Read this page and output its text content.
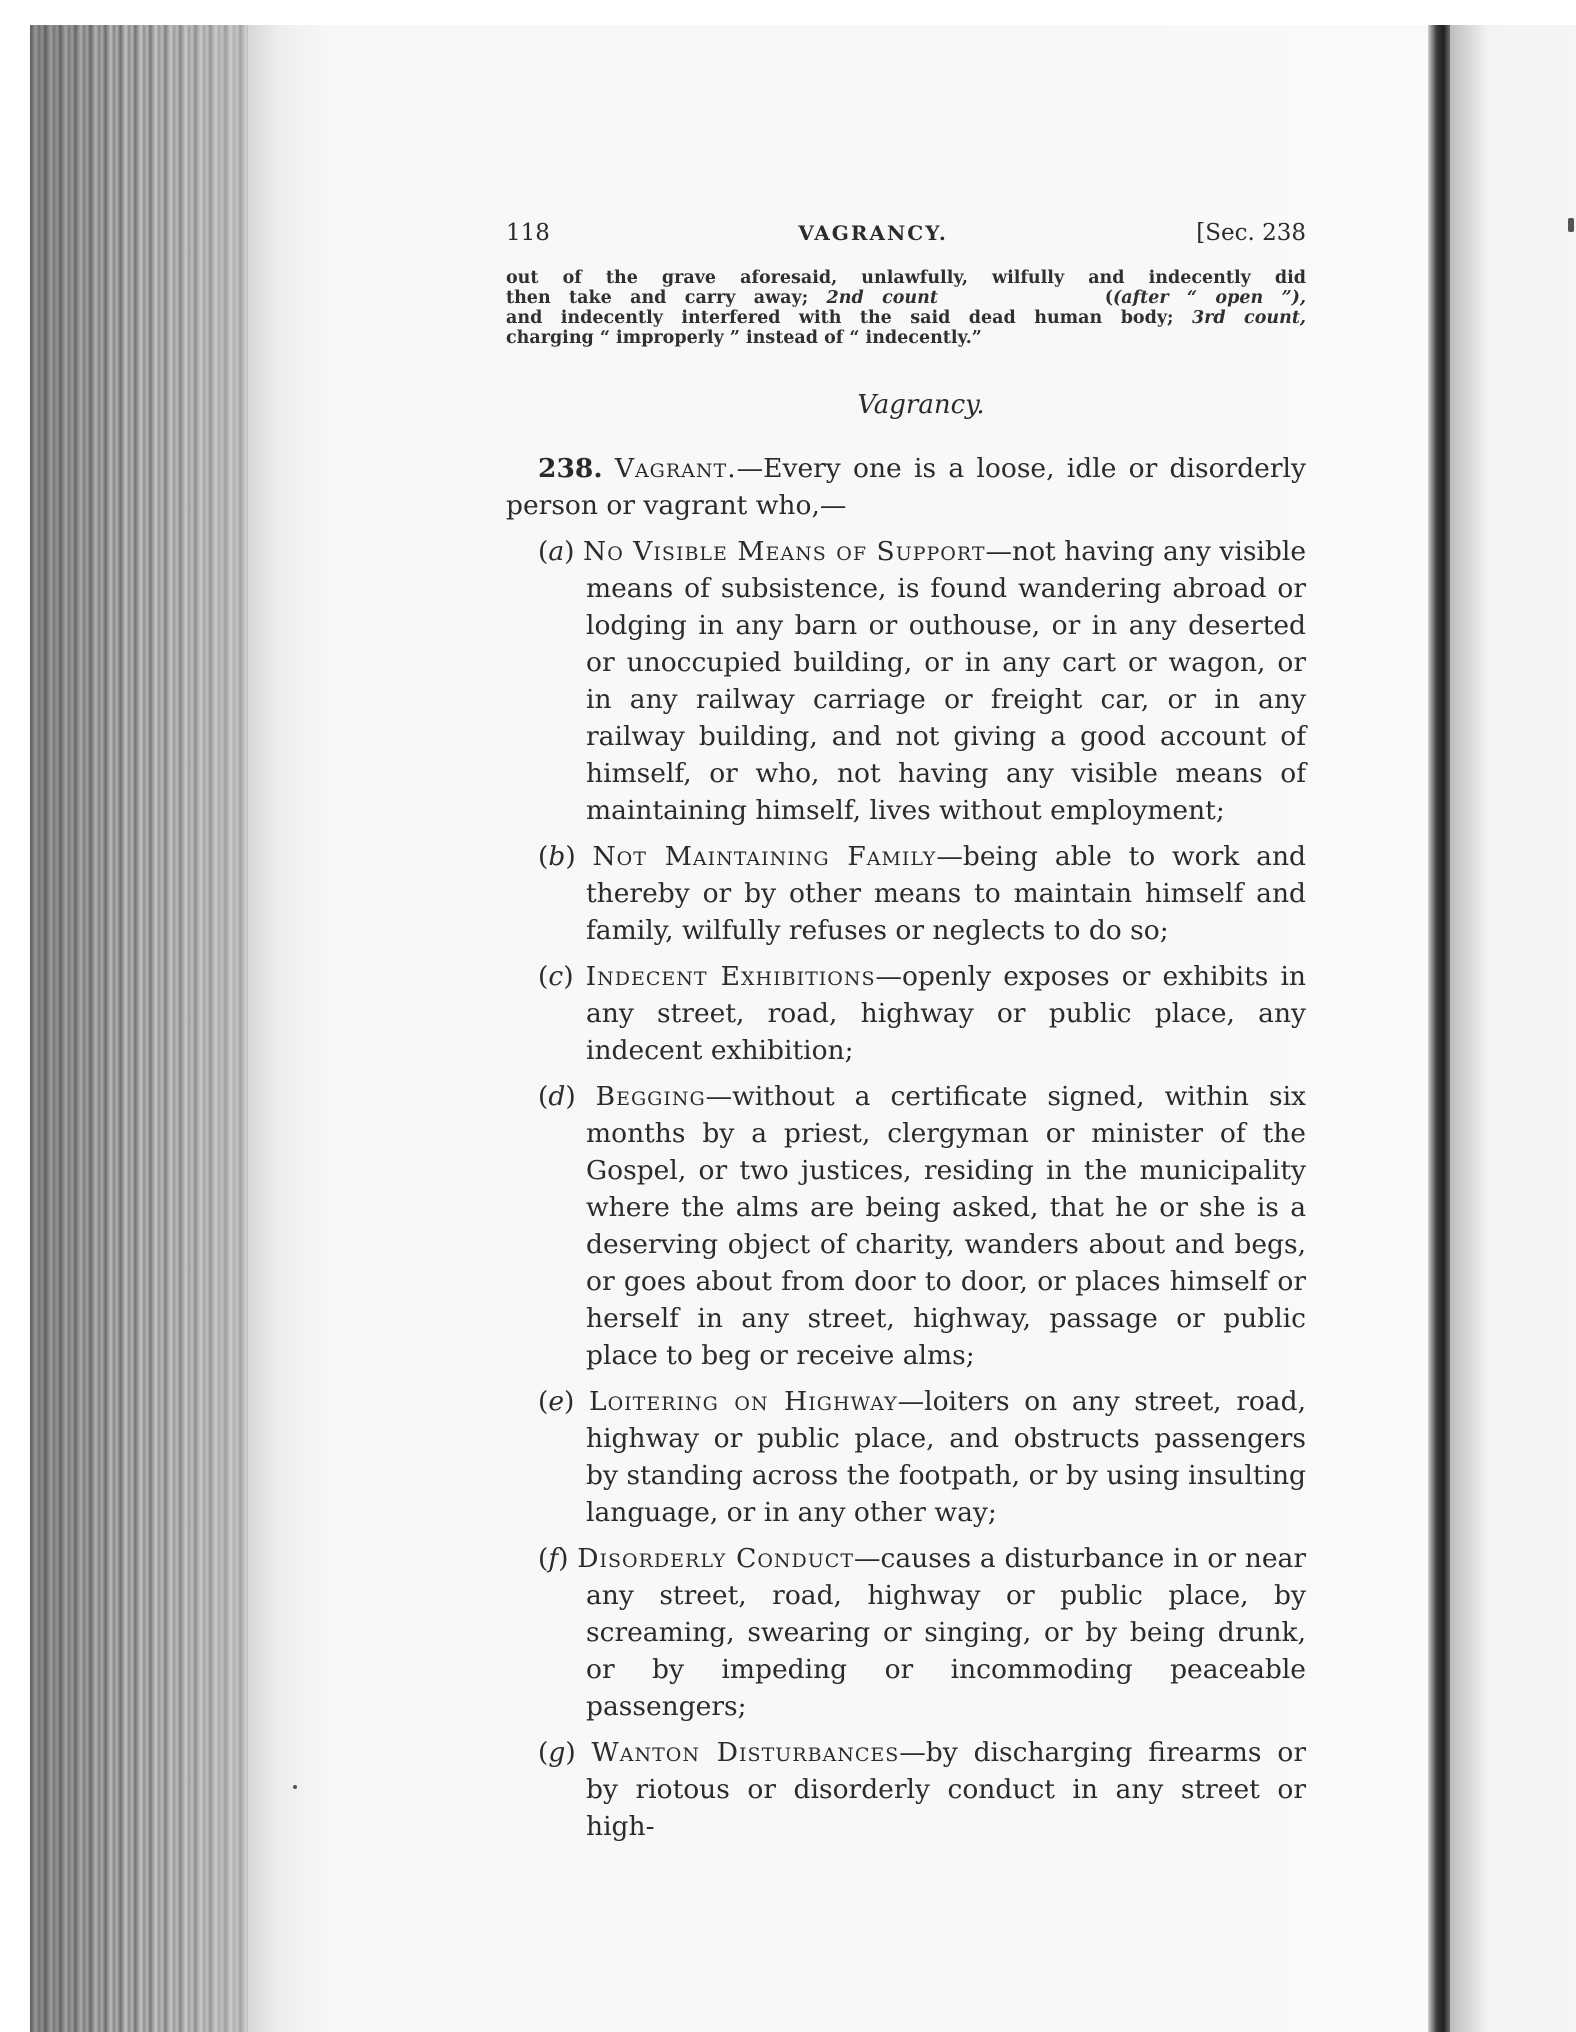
118	VAGRANCY.	[Sec. 238
out of the grave aforesaid, unlawfully, wilfully and indecently did
then take and carry away; 2nd count	((after “ open ”),
and indecently interfered with the said dead human body; 3rd count,
charging “ improperly ” instead of “ indecently.”
Vagrancy.

238. Vagrant.—Every one is a loose, idle or disorderly person or vagrant who,—

(a) No Visible Means of Support—not having any visible means of subsistence, is found wandering abroad or lodging in any barn or outhouse, or in any deserted or unoccupied building, or in any cart or wagon, or in any railway carriage or freight car, or in any railway building, and not giving a good account of himself, or who, not having any visible means of maintaining himself, lives without employment;

(b) Not Maintaining Family—being able to work and thereby or by other means to maintain himself and family, wilfully refuses or neglects to do so;

(c) Indecent Exhibitions—openly exposes or exhibits in any street, road, highway or public place, any indecent exhibition;

(d) Begging—without a certificate signed, within six months by a priest, clergyman or minister of the Gospel, or two justices, residing in the municipality where the alms are being asked, that he or she is a deserving object of charity, wanders about and begs, or goes about from door to door, or places himself or herself in any street, highway, passage or public place to beg or receive alms;

(e) Loitering on Highway—loiters on any street, road, highway or public place, and obstructs passengers by standing across the footpath, or by using insulting language, or in any other way;

(f) Disorderly Conduct—causes a disturbance in or near any street, road, highway or public place, by screaming, swearing or singing, or by being drunk, or by impeding or incommoding peaceable passengers;

(g) Wanton Disturbances—by discharging firearms or by riotous or disorderly conduct in any street or high-
